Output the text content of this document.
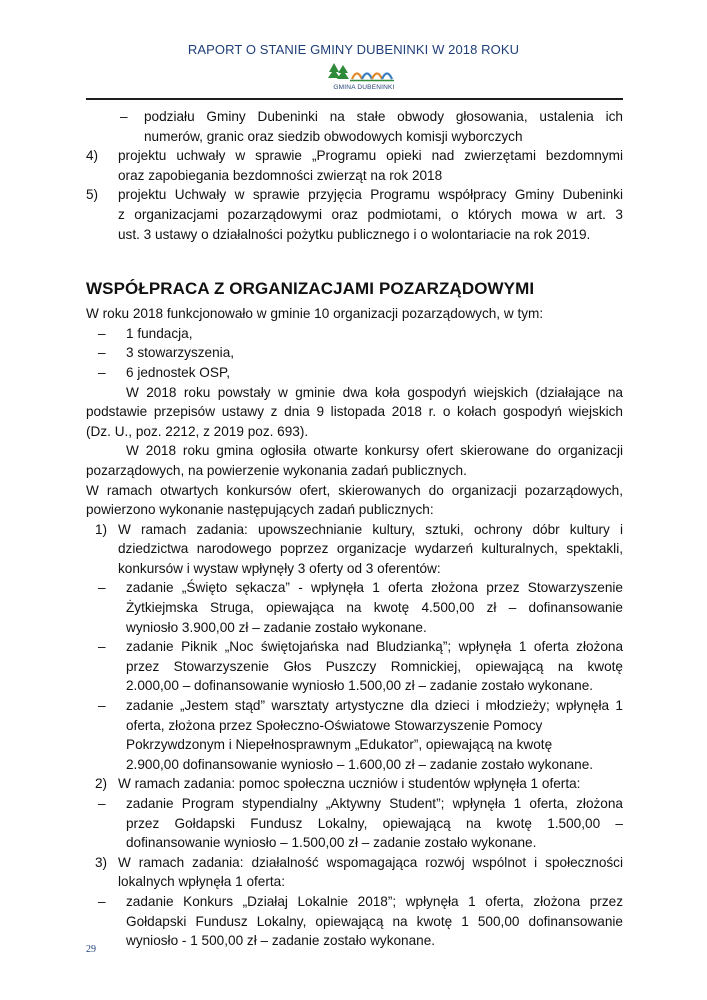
RAPORT O STANIE GMINY DUBENINKI W 2018 ROKU
GMINA DUBENINKI
– podziału Gminy Dubeninki na stałe obwody głosowania, ustalenia ich
numerów, granic oraz siedzib obwodowych komisji wyborczych
4) projektu uchwały w sprawie „Programu opieki nad zwierzętami bezdomnymi
oraz zapobiegania bezdomności zwierząt na rok 2018
5) projektu Uchwały w sprawie przyjęcia Programu współpracy Gminy Dubeninki
z organizacjami pozarządowymi oraz podmiotami, o których mowa w art. 3
ust. 3 ustawy o działalności pożytku publicznego i o wolontariacie na rok 2019.
WSPÓŁPRACA Z ORGANIZACJAMI POZARZĄDOWYMI
W roku 2018 funkcjonowało w gminie 10 organizacji pozarządowych, w tym:
– 1 fundacja,
– 3 stowarzyszenia,
– 6 jednostek OSP,
W 2018 roku powstały w gminie dwa koła gospodyń wiejskich (działające na
podstawie przepisów ustawy z dnia 9 listopada 2018 r. o kołach gospodyń wiejskich
(Dz. U., poz. 2212, z 2019 poz. 693).
W 2018 roku gmina ogłosiła otwarte konkursy ofert skierowane do organizacji
pozarządowych, na powierzenie wykonania zadań publicznych.
W ramach otwartych konkursów ofert, skierowanych do organizacji pozarządowych,
powierzono wykonanie następujących zadań publicznych:
1) W ramach zadania: upowszechnianie kultury, sztuki, ochrony dóbr kultury i
dziedzictwa narodowego poprzez organizacje wydarzeń kulturalnych, spektakli,
konkursów i wystaw wpłynęły 3 oferty od 3 oferentów:
– zadanie „Święto sękacza” - wpłynęła 1 oferta złożona przez Stowarzyszenie
Żytkiejmska Struga, opiewająca na kwotę 4.500,00 zł – dofinansowanie
wyniosło 3.900,00 zł – zadanie zostało wykonane.
– zadanie Piknik „Noc świętojańska nad Bludzianką”; wpłynęła 1 oferta złożona
przez Stowarzyszenie Głos Puszczy Romnickiej, opiewającą na kwotę
2.000,00 – dofinansowanie wyniosło 1.500,00 zł – zadanie zostało wykonane.
– zadanie „Jestem stąd” warsztaty artystyczne dla dzieci i młodzieży; wpłynęła 1
oferta, złożona przez Społeczno-Oświatowe Stowarzyszenie Pomocy
Pokrzywdzonym i Niepełnosprawnym „Edukator”, opiewającą na kwotę
2.900,00 dofinansowanie wyniosło – 1.600,00 zł – zadanie zostało wykonane.
2) W ramach zadania: pomoc społeczna uczniów i studentów wpłynęła 1 oferta:
– zadanie Program stypendialny „Aktywny Student”; wpłynęła 1 oferta, złożona
przez Gołdapski Fundusz Lokalny, opiewającą na kwotę 1.500,00 –
dofinansowanie wyniosło – 1.500,00 zł – zadanie zostało wykonane.
3) W ramach zadania: działalność wspomagająca rozwój wspólnot i społeczności
lokalnych wpłynęła 1 oferta:
– zadanie Konkurs „Działaj Lokalnie 2018”; wpłynęła 1 oferta, złożona przez
Gołdapski Fundusz Lokalny, opiewającą na kwotę 1 500,00 dofinansowanie
wyniosło - 1 500,00 zł – zadanie zostało wykonane.
29
